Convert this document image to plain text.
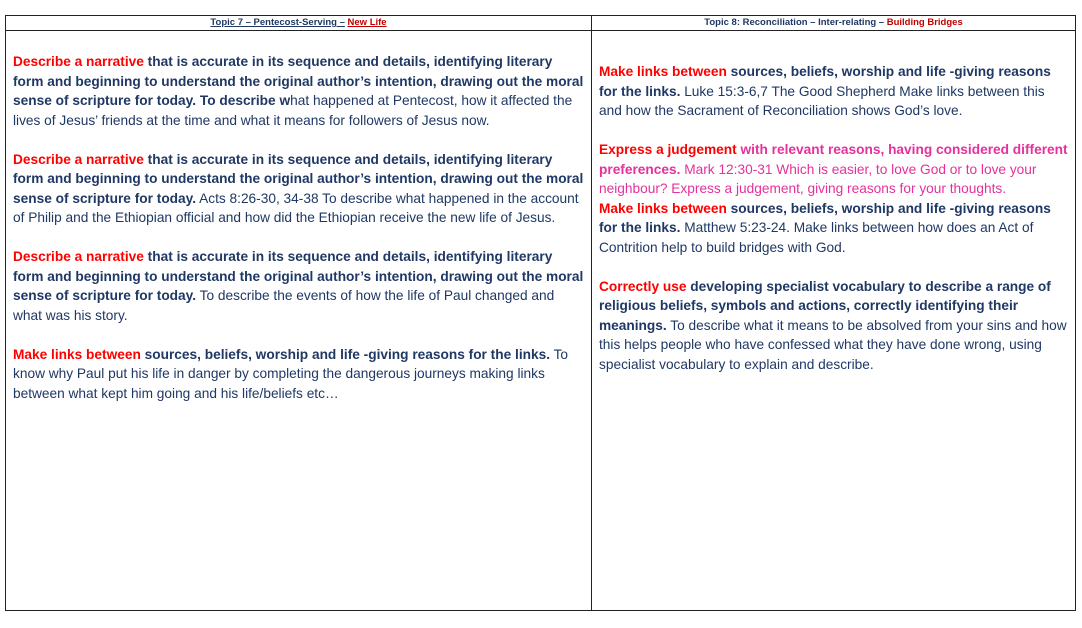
Topic 7 – Pentecost-Serving – New Life

Describe a narrative that is accurate in its sequence and details, identifying literary form and beginning to understand the original author’s intention, drawing out the moral sense of scripture for today. To describe what happened at Pentecost, how it affected the lives of Jesus’ friends at the time and what it means for followers of Jesus now.

Describe a narrative that is accurate in its sequence and details, identifying literary form and beginning to understand the original author’s intention, drawing out the moral sense of scripture for today. Acts 8:26-30, 34-38 To describe what happened in the account of Philip and the Ethiopian official and how did the Ethiopian receive the new life of Jesus.

Describe a narrative that is accurate in its sequence and details, identifying literary form and beginning to understand the original author’s intention, drawing out the moral sense of scripture for today. To describe the events of how the life of Paul changed and what was his story.

Make links between sources, beliefs, worship and life -giving reasons for the links. To know why Paul put his life in danger by completing the dangerous journeys making links between what kept him going and his life/beliefs etc…

Topic 8: Reconciliation – Inter-relating – Building Bridges

Make links between sources, beliefs, worship and life -giving reasons for the links. Luke 15:3-6,7 The Good Shepherd Make links between this and how the Sacrament of Reconciliation shows God’s love.

Express a judgement with relevant reasons, having considered different preferences. Mark 12:30-31 Which is easier, to love God or to love your neighbour? Express a judgement, giving reasons for your thoughts.

Make links between sources, beliefs, worship and life -giving reasons for the links. Matthew 5:23-24. Make links between how does an Act of Contrition help to build bridges with God.

Correctly use developing specialist vocabulary to describe a range of religious beliefs, symbols and actions, correctly identifying their meanings. To describe what it means to be absolved from your sins and how this helps people who have confessed what they have done wrong, using specialist vocabulary to explain and describe.
